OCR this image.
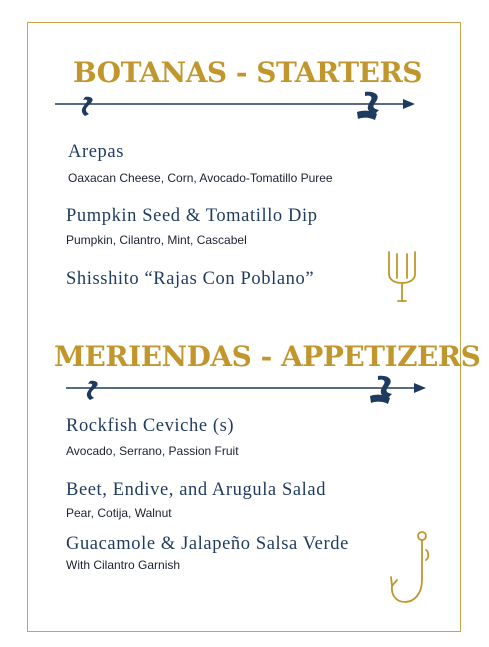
BOTANAS - STARTERS

Arepas

Oaxacan Cheese, Corn, Avocado-Tomatillo Puree

Pumpkin Seed & Tomatillo Dip

Pumpkin, Cilantro, Mint, Cascabel

Shisshito “Rajas Con Poblano”

MERIENDAS - APPETIZERS

Rockfish Ceviche (s)

Avocado, Serrano, Passion Fruit

Beet, Endive, and Arugula Salad

Pear, Cotija, Walnut

Guacamole & Jalapeño Salsa Verde

With Cilantro Garnish
